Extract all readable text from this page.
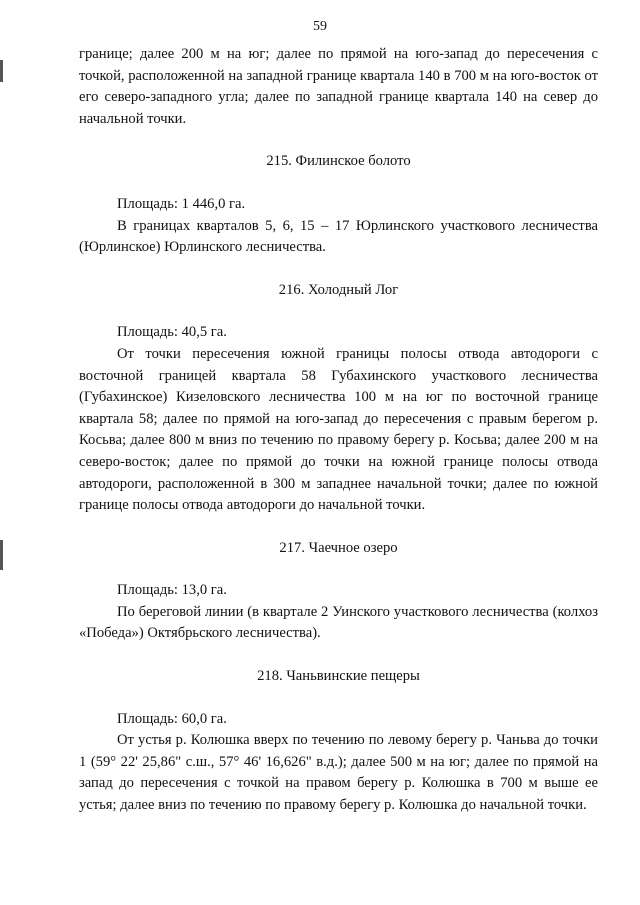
59

границе; далее 200 м на юг; далее по прямой на юго-запад до пересечения с точкой, расположенной на западной границе квартала 140 в 700 м на юго-восток от его северо-западного угла; далее по западной границе квартала 140 на север до начальной точки.

215. Филинское болото

Площадь: 1 446,0 га.

В границах кварталов 5, 6, 15 – 17 Юрлинского участкового лесничества (Юрлинское) Юрлинского лесничества.

216. Холодный Лог

Площадь: 40,5 га.

От точки пересечения южной границы полосы отвода автодороги с восточной границей квартала 58 Губахинского участкового лесничества (Губахинское) Кизеловского лесничества 100 м на юг по восточной границе квартала 58; далее по прямой на юго-запад до пересечения с правым берегом р. Косьва; далее 800 м вниз по течению по правому берегу р. Косьва; далее 200 м на северо-восток; далее по прямой до точки на южной границе полосы отвода автодороги, расположенной в 300 м западнее начальной точки; далее по южной границе полосы отвода автодороги до начальной точки.

217. Чаечное озеро

Площадь: 13,0 га.

По береговой линии (в квартале 2 Уинского участкового лесничества (колхоз «Победа») Октябрьского лесничества).

218. Чаньвинские пещеры

Площадь: 60,0 га.

От устья р. Колюшка вверх по течению по левому берегу р. Чаньва до точки 1 (59° 22' 25,86" с.ш., 57° 46' 16,626" в.д.); далее 500 м на юг; далее по прямой на запад до пересечения с точкой на правом берегу р. Колюшка в 700 м выше ее устья; далее вниз по течению по правому берегу р. Колюшка до начальной точки.
